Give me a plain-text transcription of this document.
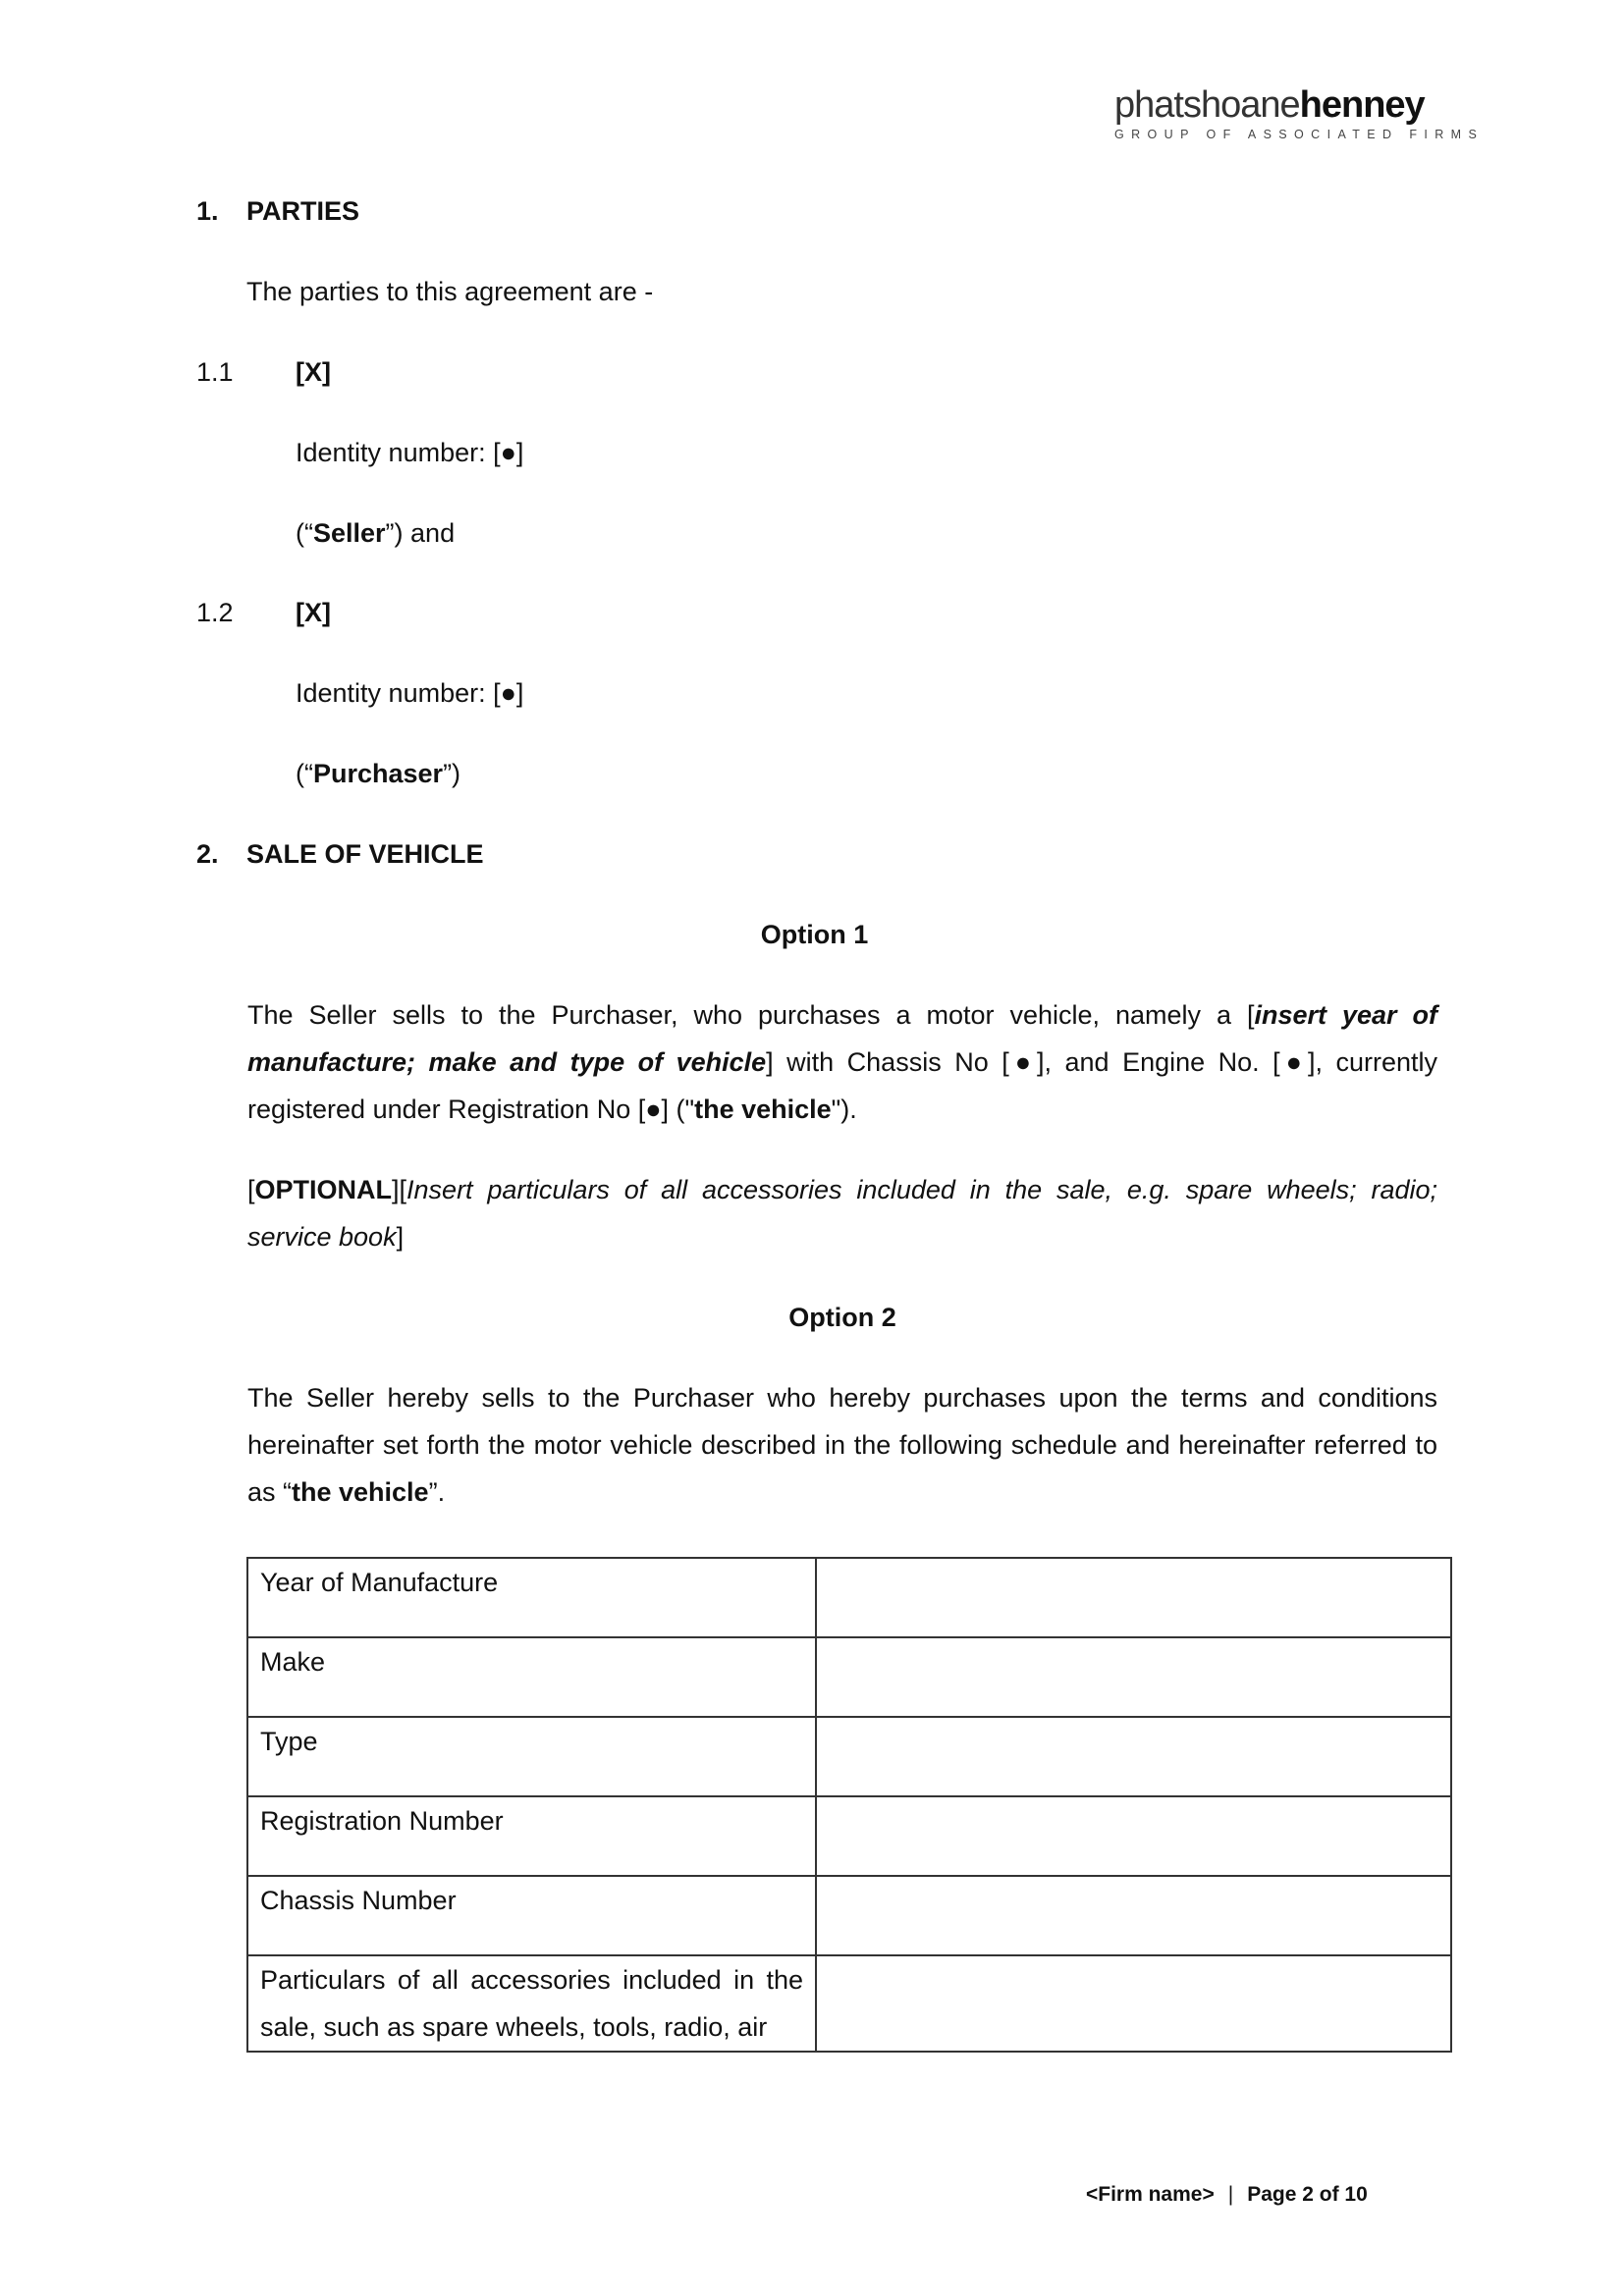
phatshoanehenney
GROUP OF ASSOCIATED FIRMS
1. PARTIES
The parties to this agreement are -
1.1 [X]
Identity number: [●]
(“Seller”) and
1.2 [X]
Identity number: [●]
(“Purchaser”)
2. SALE OF VEHICLE
Option 1
The Seller sells to the Purchaser, who purchases a motor vehicle, namely a [insert year of manufacture; make and type of vehicle] with Chassis No [●], and Engine No. [●], currently registered under Registration No [●] ("the vehicle").
[OPTIONAL][Insert particulars of all accessories included in the sale, e.g. spare wheels; radio; service book]
Option 2
The Seller hereby sells to the Purchaser who hereby purchases upon the terms and conditions hereinafter set forth the motor vehicle described in the following schedule and hereinafter referred to as “the vehicle”.
Year of Manufacture	
Make	
Type	
Registration Number	
Chassis Number	
Particulars of all accessories included in the sale, such as spare wheels, tools, radio, air	
<Firm name> | Page 2 of 10
